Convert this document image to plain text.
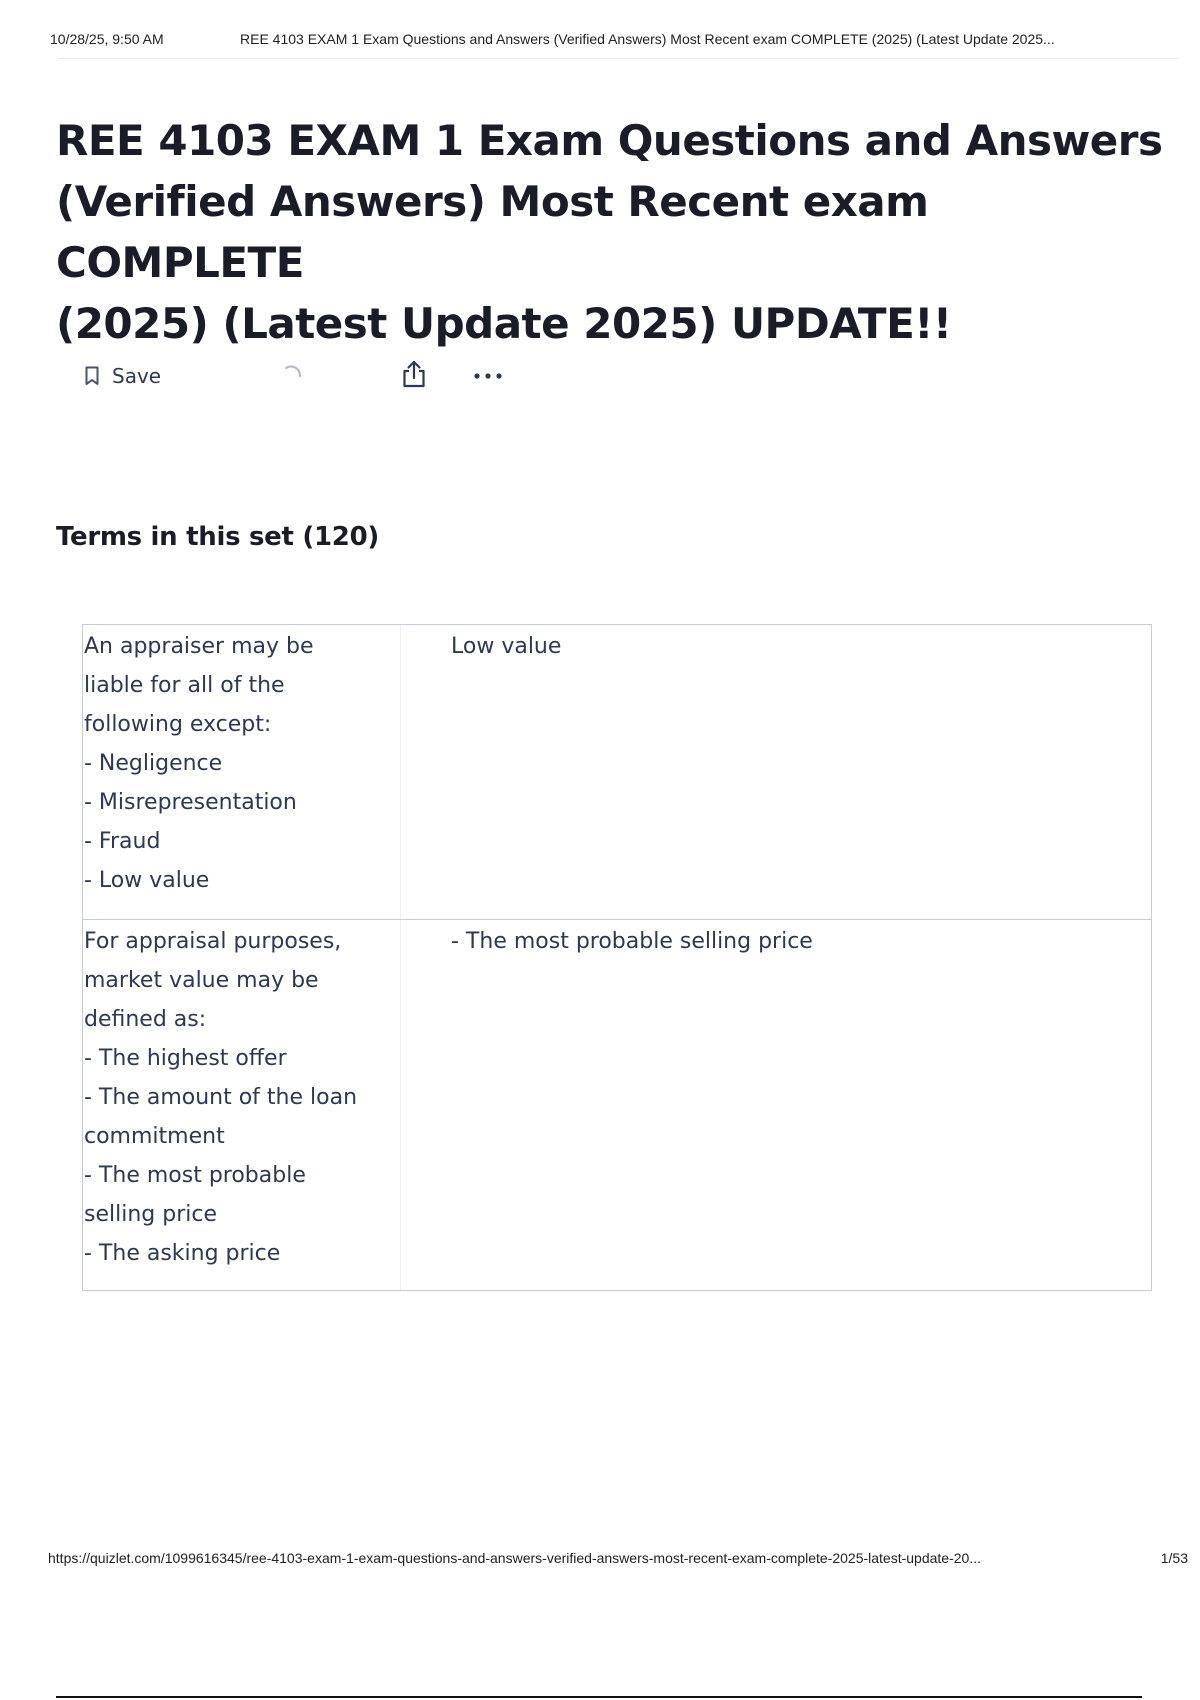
10/28/25, 9:50 AM	REE 4103 EXAM 1 Exam Questions and Answers (Verified Answers) Most Recent exam COMPLETE (2025) (Latest Update 2025...
REE 4103 EXAM 1 Exam Questions and Answers
(Verified Answers) Most Recent exam COMPLETE
(2025) (Latest Update 2025) UPDATE!!
Save
Terms in this set (120)
An appraiser may be
liable for all of the
following except:
- Negligence
- Misrepresentation
- Fraud
- Low value
Low value
For appraisal purposes,
market value may be
defined as:
- The highest offer
- The amount of the loan
commitment
- The most probable
selling price
- The asking price
- The most probable selling price
https://quizlet.com/1099616345/ree-4103-exam-1-exam-questions-and-answers-verified-answers-most-recent-exam-complete-2025-latest-update-20...	1/53
